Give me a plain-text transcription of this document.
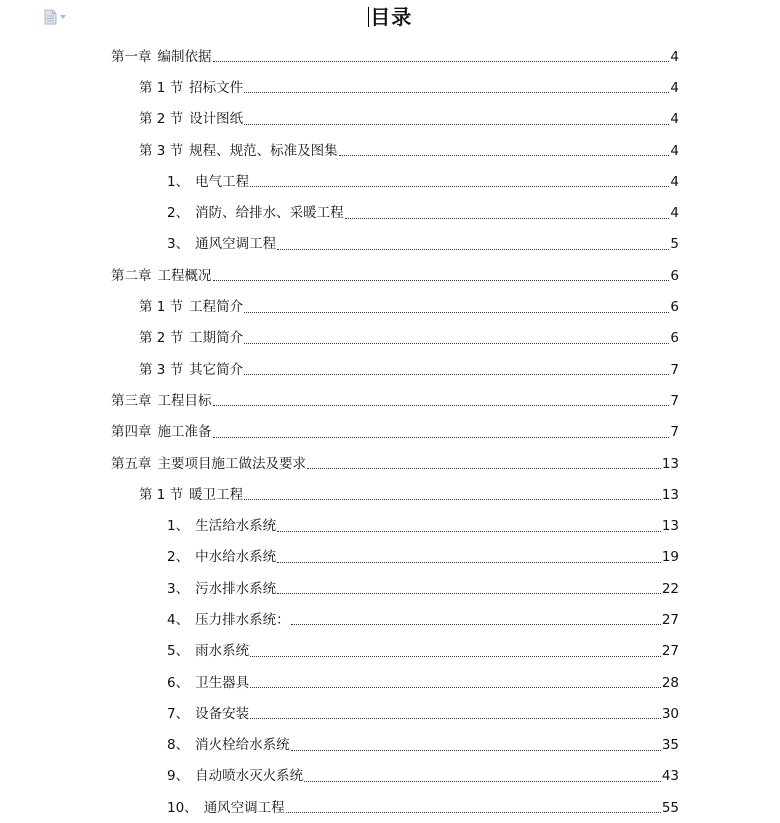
目录
第一章 编制依据	4
第 1 节 招标文件	4
第 2 节 设计图纸	4
第 3 节 规程、规范、标准及图集	4
1、 电气工程	4
2、 消防、给排水、采暖工程	4
3、 通风空调工程	5
第二章 工程概况	6
第 1 节 工程简介	6
第 2 节 工期简介	6
第 3 节 其它简介	7
第三章 工程目标	7
第四章 施工准备	7
第五章 主要项目施工做法及要求	13
第 1 节 暖卫工程	13
1、 生活给水系统	13
2、 中水给水系统	19
3、 污水排水系统	22
4、 压力排水系统：	27
5、 雨水系统	27
6、 卫生器具	28
7、 设备安装	30
8、 消火栓给水系统	35
9、 自动喷水灭火系统	43
10、 通风空调工程	55
